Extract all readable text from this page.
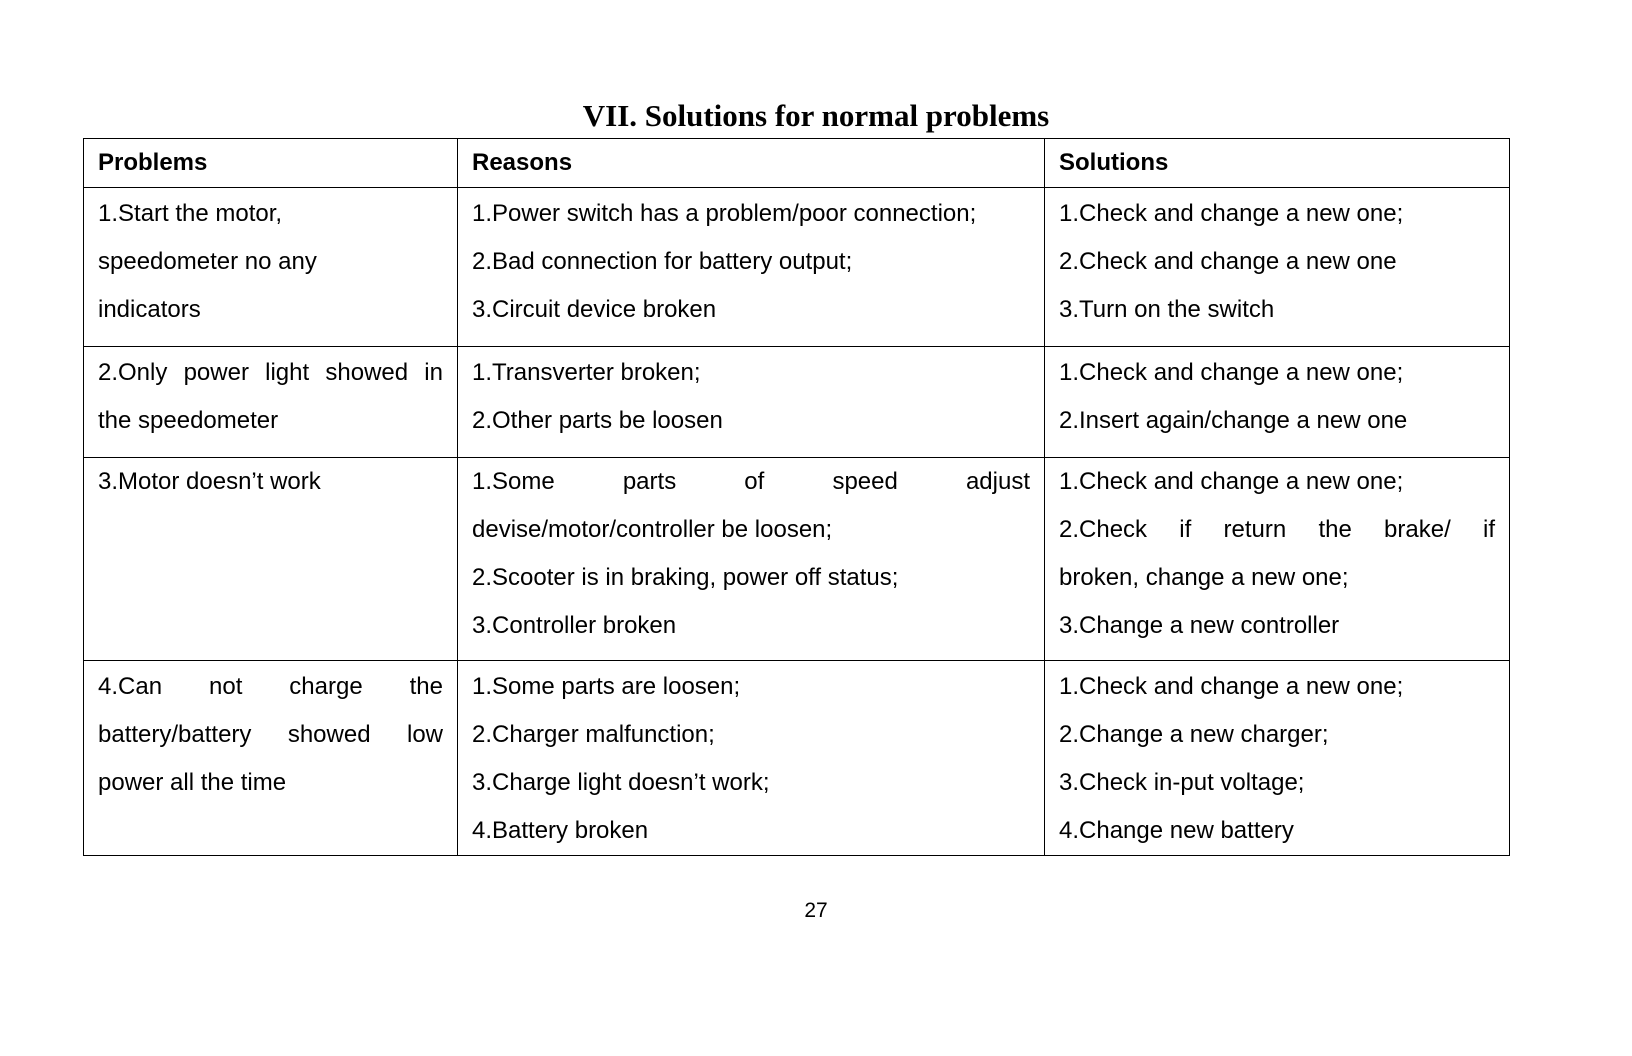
VII. Solutions for normal problems
Problems	Reasons	Solutions

1.Start the motor,
speedometer no any
indicators	1.Power switch has a problem/poor connection;
2.Bad connection for battery output;
3.Circuit device broken	1.Check and change a new one;
2.Check and change a new one
3.Turn on the switch

2.Only power light showed in
the speedometer	1.Transverter broken;
2.Other parts be loosen	1.Check and change a new one;
2.Insert again/change a new one

3.Motor doesn’t work	1.Some parts of speed adjust
devise/motor/controller be loosen;
2.Scooter is in braking, power off status;
3.Controller broken	1.Check and change a new one;
2.Check if return the brake/ if
broken, change a new one;
3.Change a new controller

4.Can not charge the
battery/battery showed low
power all the time	1.Some parts are loosen;
2.Charger malfunction;
3.Charge light doesn’t work;
4.Battery broken	1.Check and change a new one;
2.Change a new charger;
3.Check in-put voltage;
4.Change new battery
27
